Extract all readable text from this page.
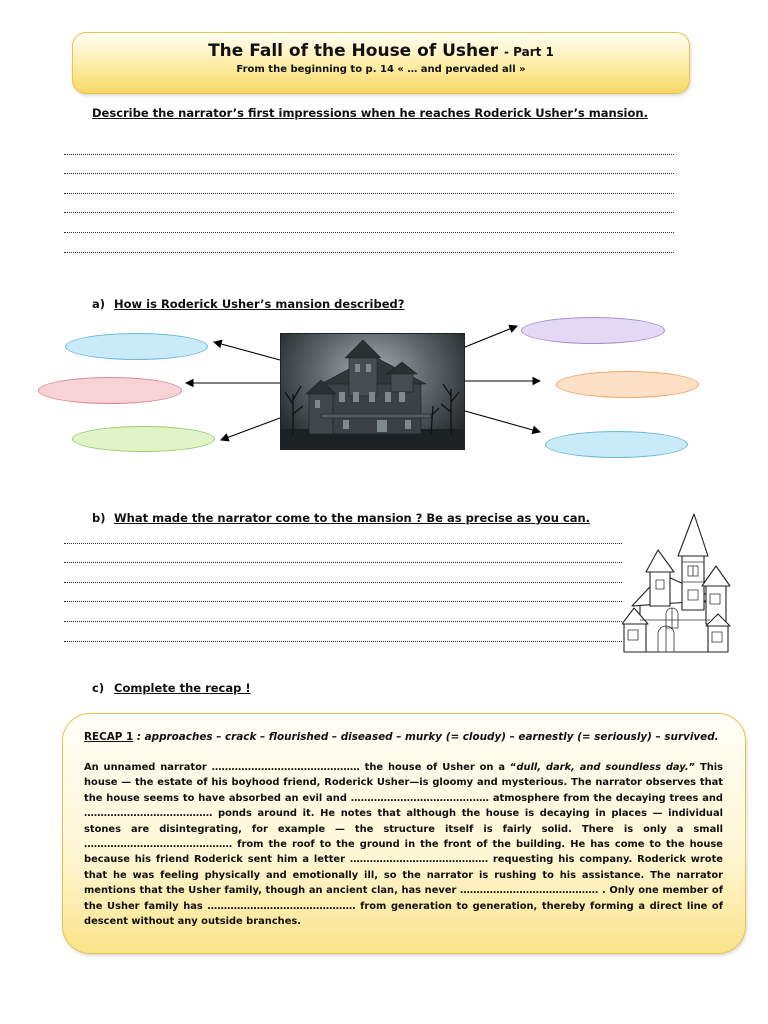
The Fall of the House of Usher - Part 1
From the beginning to p. 14 « … and pervaded all »
Describe the narrator’s first impressions when he reaches Roderick Usher’s mansion.
a) How is Roderick Usher’s mansion described?
b) What made the narrator come to the mansion ? Be as precise as you can.
c) Complete the recap !
RECAP 1 : approaches – crack – flourished – diseased – murky (= cloudy) – earnestly (= seriously) – survived.
An unnamed narrator ……………………………………… the house of Usher on a “dull, dark, and soundless day.” This house — the estate of his boyhood friend, Roderick Usher—is gloomy and mysterious. The narrator observes that the house seems to have absorbed an evil and …………………………………… atmosphere from the decaying trees and ………………………………… ponds around it. He notes that although the house is decaying in places — individual stones are disintegrating, for example — the structure itself is fairly solid. There is only a small ……………………………………… from the roof to the ground in the front of the building. He has come to the house because his friend Roderick sent him a letter …………………………………… requesting his company. Roderick wrote that he was feeling physically and emotionally ill, so the narrator is rushing to his assistance. The narrator mentions that the Usher family, though an ancient clan, has never …………………………………… . Only one member of the Usher family has ……………………………………… from generation to generation, thereby forming a direct line of descent without any outside branches.
